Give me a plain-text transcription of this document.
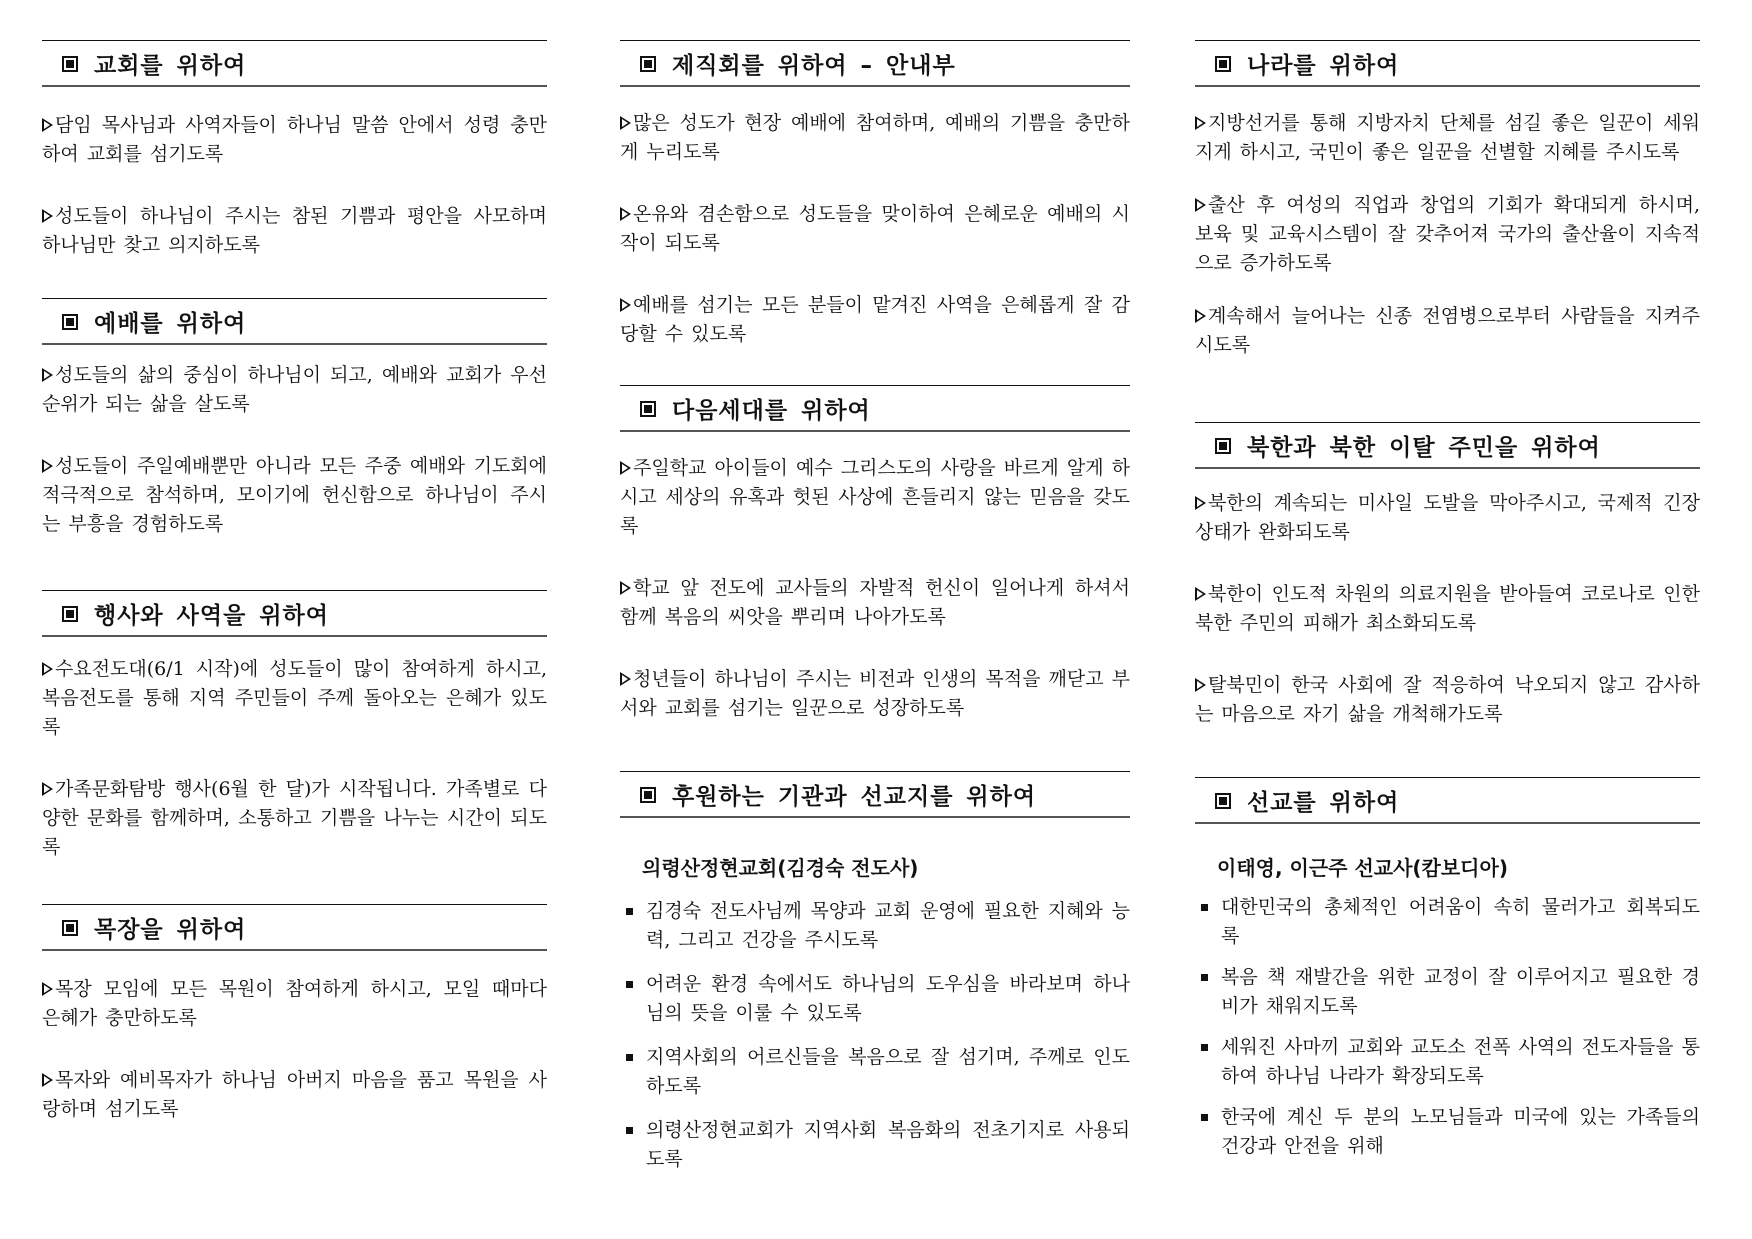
교회를 위하여
담임 목사님과 사역자들이 하나님 말씀 안에서 성령 충만하여 교회를 섬기도록
성도들이 하나님이 주시는 참된 기쁨과 평안을 사모하며 하나님만 찾고 의지하도록
예배를 위하여
성도들의 삶의 중심이 하나님이 되고, 예배와 교회가 우선순위가 되는 삶을 살도록
성도들이 주일예배뿐만 아니라 모든 주중 예배와 기도회에 적극적으로 참석하며, 모이기에 헌신함으로 하나님이 주시는 부흥을 경험하도록
행사와 사역을 위하여
수요전도대(6/1 시작)에 성도들이 많이 참여하게 하시고, 복음전도를 통해 지역 주민들이 주께 돌아오는 은혜가 있도록
가족문화탐방 행사(6월 한 달)가 시작됩니다. 가족별로 다양한 문화를 함께하며, 소통하고 기쁨을 나누는 시간이 되도록
목장을 위하여
목장 모임에 모든 목원이 참여하게 하시고, 모일 때마다 은혜가 충만하도록
목자와 예비목자가 하나님 아버지 마음을 품고 목원을 사랑하며 섬기도록
제직회를 위하여 – 안내부
많은 성도가 현장 예배에 참여하며, 예배의 기쁨을 충만하게 누리도록
온유와 겸손함으로 성도들을 맞이하여 은혜로운 예배의 시작이 되도록
예배를 섬기는 모든 분들이 맡겨진 사역을 은혜롭게 잘 감당할 수 있도록
다음세대를 위하여
주일학교 아이들이 예수 그리스도의 사랑을 바르게 알게 하시고 세상의 유혹과 헛된 사상에 흔들리지 않는 믿음을 갖도록
학교 앞 전도에 교사들의 자발적 헌신이 일어나게 하셔서 함께 복음의 씨앗을 뿌리며 나아가도록
청년들이 하나님이 주시는 비전과 인생의 목적을 깨닫고 부서와 교회를 섬기는 일꾼으로 성장하도록
후원하는 기관과 선교지를 위하여
의령산정현교회(김경숙 전도사)
김경숙 전도사님께 목양과 교회 운영에 필요한 지혜와 능력, 그리고 건강을 주시도록
어려운 환경 속에서도 하나님의 도우심을 바라보며 하나님의 뜻을 이룰 수 있도록
지역사회의 어르신들을 복음으로 잘 섬기며, 주께로 인도하도록
의령산정현교회가 지역사회 복음화의 전초기지로 사용되도록
나라를 위하여
지방선거를 통해 지방자치 단체를 섬길 좋은 일꾼이 세워지게 하시고, 국민이 좋은 일꾼을 선별할 지혜를 주시도록
출산 후 여성의 직업과 창업의 기회가 확대되게 하시며, 보육 및 교육시스템이 잘 갖추어져 국가의 출산율이 지속적으로 증가하도록
계속해서 늘어나는 신종 전염병으로부터 사람들을 지켜주시도록
북한과 북한 이탈 주민을 위하여
북한의 계속되는 미사일 도발을 막아주시고, 국제적 긴장 상태가 완화되도록
북한이 인도적 차원의 의료지원을 받아들여 코로나로 인한 북한 주민의 피해가 최소화되도록
탈북민이 한국 사회에 잘 적응하여 낙오되지 않고 감사하는 마음으로 자기 삶을 개척해가도록
선교를 위하여
이태영, 이근주 선교사(캄보디아)
대한민국의 총체적인 어려움이 속히 물러가고 회복되도록
복음 책 재발간을 위한 교정이 잘 이루어지고 필요한 경비가 채워지도록
세워진 사마끼 교회와 교도소 전폭 사역의 전도자들을 통하여 하나님 나라가 확장되도록
한국에 계신 두 분의 노모님들과 미국에 있는 가족들의 건강과 안전을 위해
